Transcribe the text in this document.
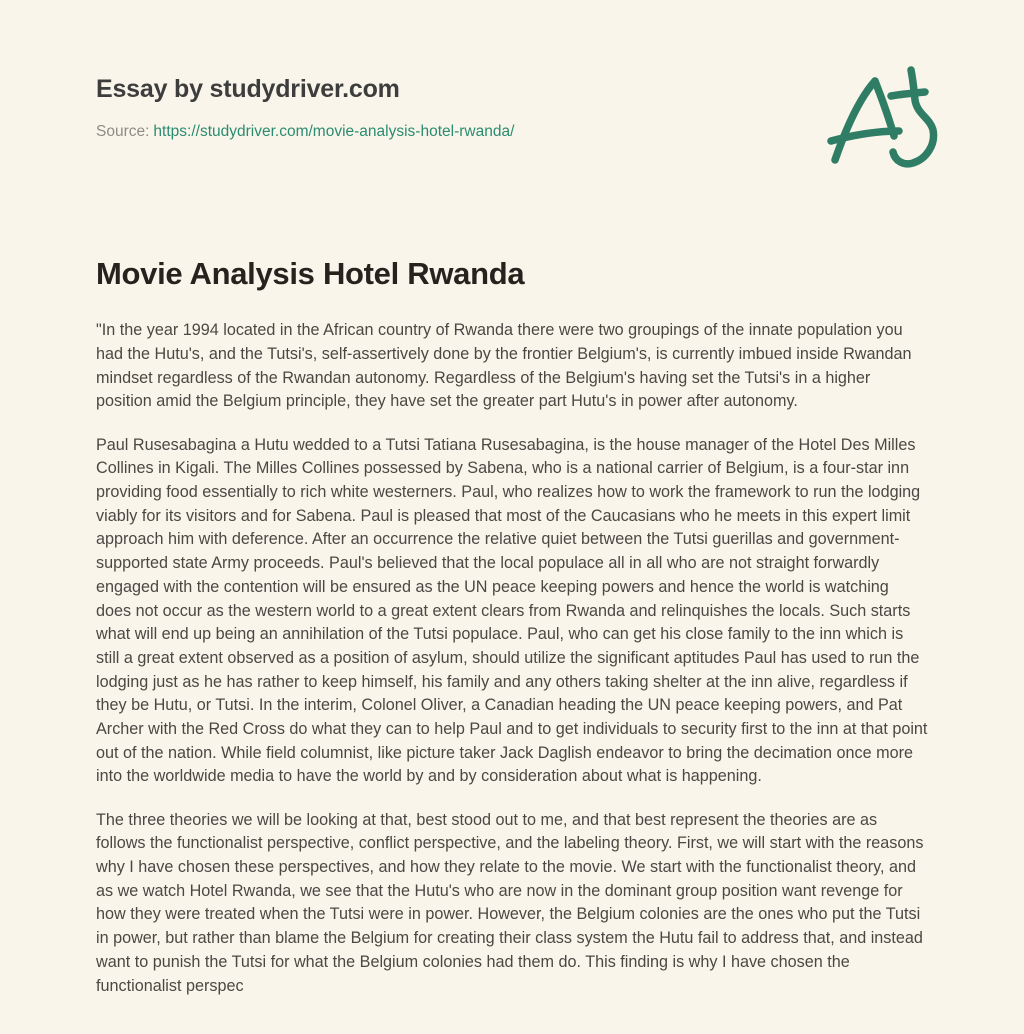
Essay by studydriver.com

Source: https://studydriver.com/movie-analysis-hotel-rwanda/

Movie Analysis Hotel Rwanda

"In the year 1994 located in the African country of Rwanda there were two groupings of the innate population you had the Hutu's, and the Tutsi's, self-assertively done by the frontier Belgium's, is currently imbued inside Rwandan mindset regardless of the Rwandan autonomy. Regardless of the Belgium's having set the Tutsi's in a higher position amid the Belgium principle, they have set the greater part Hutu's in power after autonomy.

Paul Rusesabagina a Hutu wedded to a Tutsi Tatiana Rusesabagina, is the house manager of the Hotel Des Milles Collines in Kigali. The Milles Collines possessed by Sabena, who is a national carrier of Belgium, is a four-star inn providing food essentially to rich white westerners. Paul, who realizes how to work the framework to run the lodging viably for its visitors and for Sabena. Paul is pleased that most of the Caucasians who he meets in this expert limit approach him with deference. After an occurrence the relative quiet between the Tutsi guerillas and government-supported state Army proceeds. Paul's believed that the local populace all in all who are not straight forwardly engaged with the contention will be ensured as the UN peace keeping powers and hence the world is watching does not occur as the western world to a great extent clears from Rwanda and relinquishes the locals. Such starts what will end up being an annihilation of the Tutsi populace. Paul, who can get his close family to the inn which is still a great extent observed as a position of asylum, should utilize the significant aptitudes Paul has used to run the lodging just as he has rather to keep himself, his family and any others taking shelter at the inn alive, regardless if they be Hutu, or Tutsi. In the interim, Colonel Oliver, a Canadian heading the UN peace keeping powers, and Pat Archer with the Red Cross do what they can to help Paul and to get individuals to security first to the inn at that point out of the nation. While field columnist, like picture taker Jack Daglish endeavor to bring the decimation once more into the worldwide media to have the world by and by consideration about what is happening.

The three theories we will be looking at that, best stood out to me, and that best represent the theories are as follows the functionalist perspective, conflict perspective, and the labeling theory. First, we will start with the reasons why I have chosen these perspectives, and how they relate to the movie. We start with the functionalist theory, and as we watch Hotel Rwanda, we see that the Hutu's who are now in the dominant group position want revenge for how they were treated when the Tutsi were in power. However, the Belgium colonies are the ones who put the Tutsi in power, but rather than blame the Belgium for creating their class system the Hutu fail to address that, and instead want to punish the Tutsi for what the Belgium colonies had them do. This finding is why I have chosen the functionalist perspec
